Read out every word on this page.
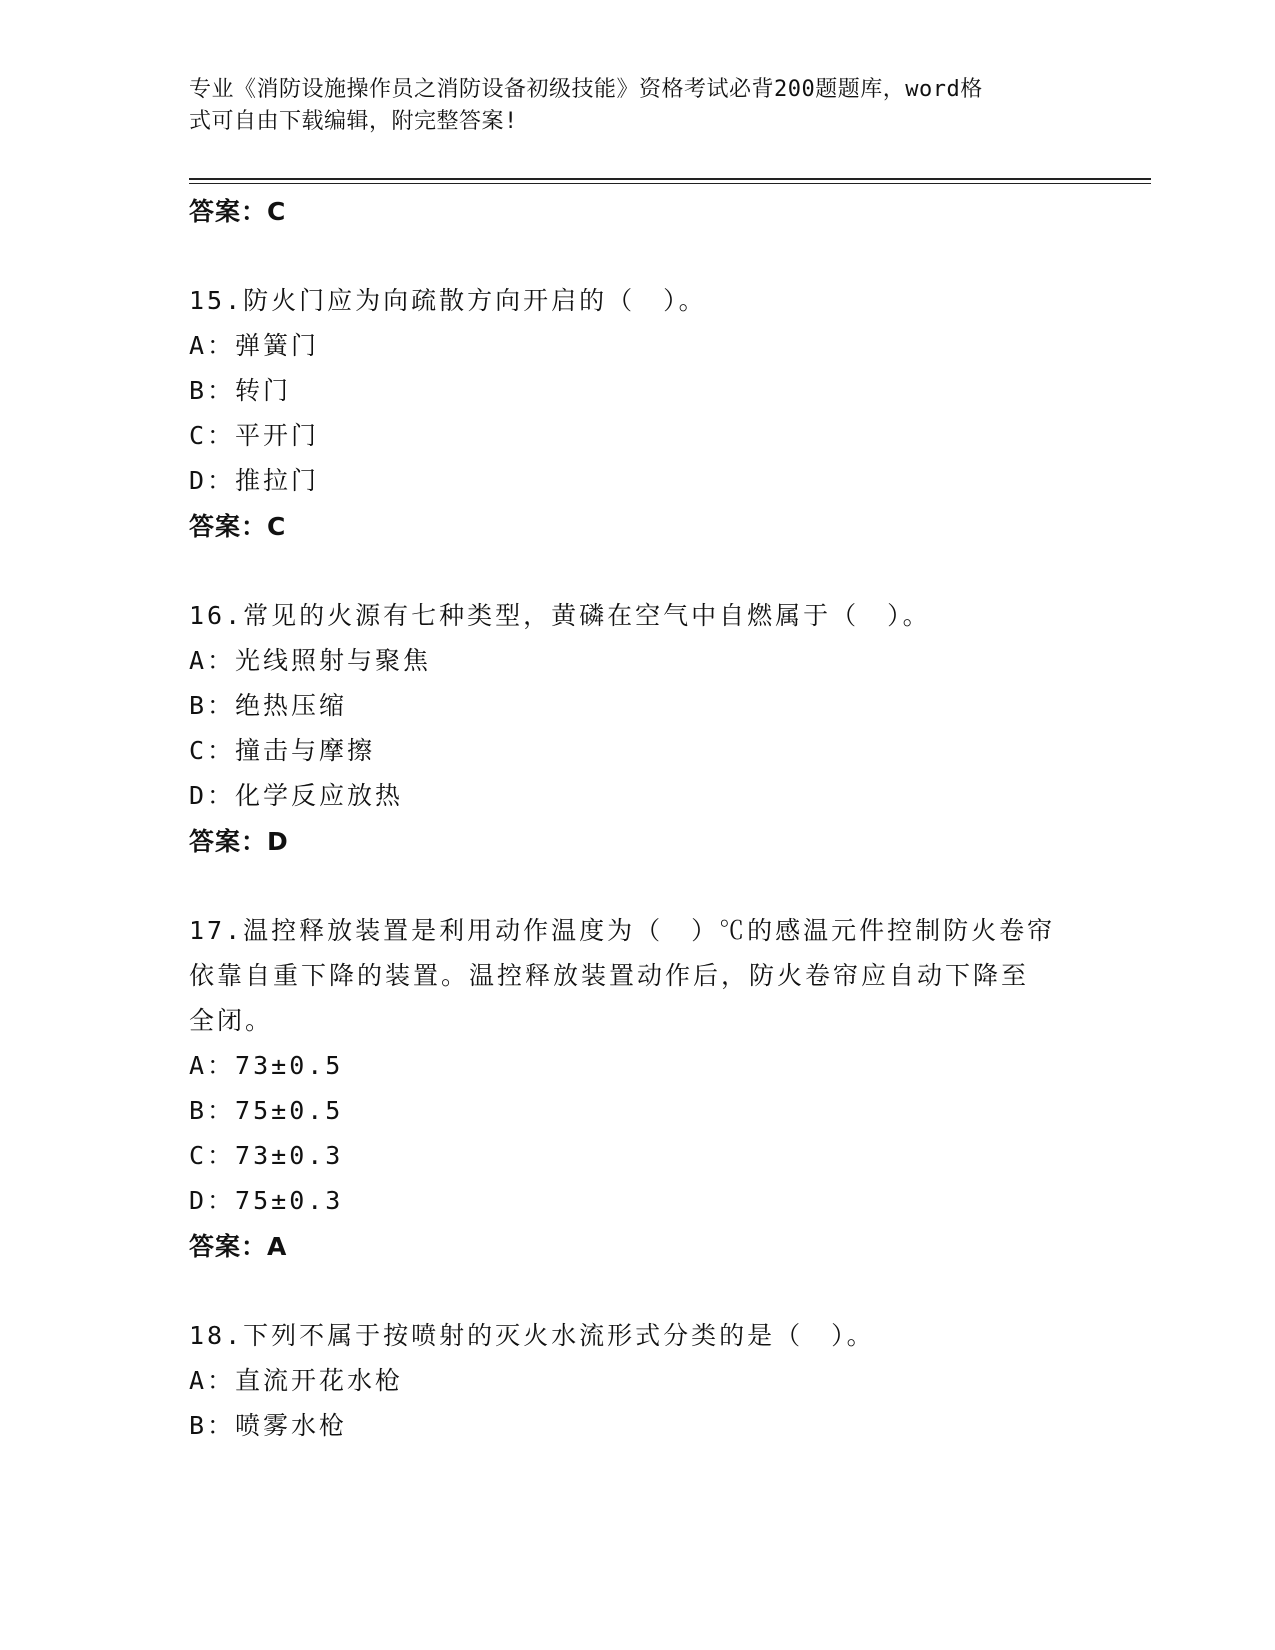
专业《消防设施操作员之消防设备初级技能》资格考试必背200题题库，word格
式可自由下载编辑，附完整答案!
答案：C
15.防火门应为向疏散方向开启的（　）。
A：弹簧门
B：转门
C：平开门
D：推拉门
答案：C
16.常见的火源有七种类型，黄磷在空气中自燃属于（　）。
A：光线照射与聚焦
B：绝热压缩
C：撞击与摩擦
D：化学反应放热
答案：D
17.温控释放装置是利用动作温度为（　）℃的感温元件控制防火卷帘
依靠自重下降的装置。温控释放装置动作后，防火卷帘应自动下降至
全闭。
A：73±0.5
B：75±0.5
C：73±0.3
D：75±0.3
答案：A
18.下列不属于按喷射的灭火水流形式分类的是（　）。
A：直流开花水枪
B：喷雾水枪
